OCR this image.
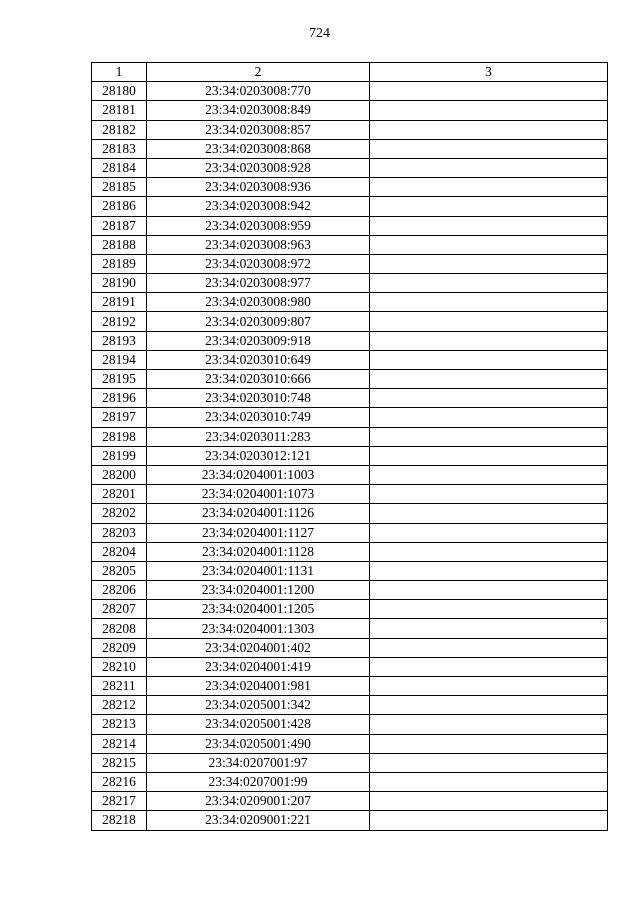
724
1	2	3
28180	23:34:0203008:770	
28181	23:34:0203008:849	
28182	23:34:0203008:857	
28183	23:34:0203008:868	
28184	23:34:0203008:928	
28185	23:34:0203008:936	
28186	23:34:0203008:942	
28187	23:34:0203008:959	
28188	23:34:0203008:963	
28189	23:34:0203008:972	
28190	23:34:0203008:977	
28191	23:34:0203008:980	
28192	23:34:0203009:807	
28193	23:34:0203009:918	
28194	23:34:0203010:649	
28195	23:34:0203010:666	
28196	23:34:0203010:748	
28197	23:34:0203010:749	
28198	23:34:0203011:283	
28199	23:34:0203012:121	
28200	23:34:0204001:1003	
28201	23:34:0204001:1073	
28202	23:34:0204001:1126	
28203	23:34:0204001:1127	
28204	23:34:0204001:1128	
28205	23:34:0204001:1131	
28206	23:34:0204001:1200	
28207	23:34:0204001:1205	
28208	23:34:0204001:1303	
28209	23:34:0204001:402	
28210	23:34:0204001:419	
28211	23:34:0204001:981	
28212	23:34:0205001:342	
28213	23:34:0205001:428	
28214	23:34:0205001:490	
28215	23:34:0207001:97	
28216	23:34:0207001:99	
28217	23:34:0209001:207	
28218	23:34:0209001:221	
